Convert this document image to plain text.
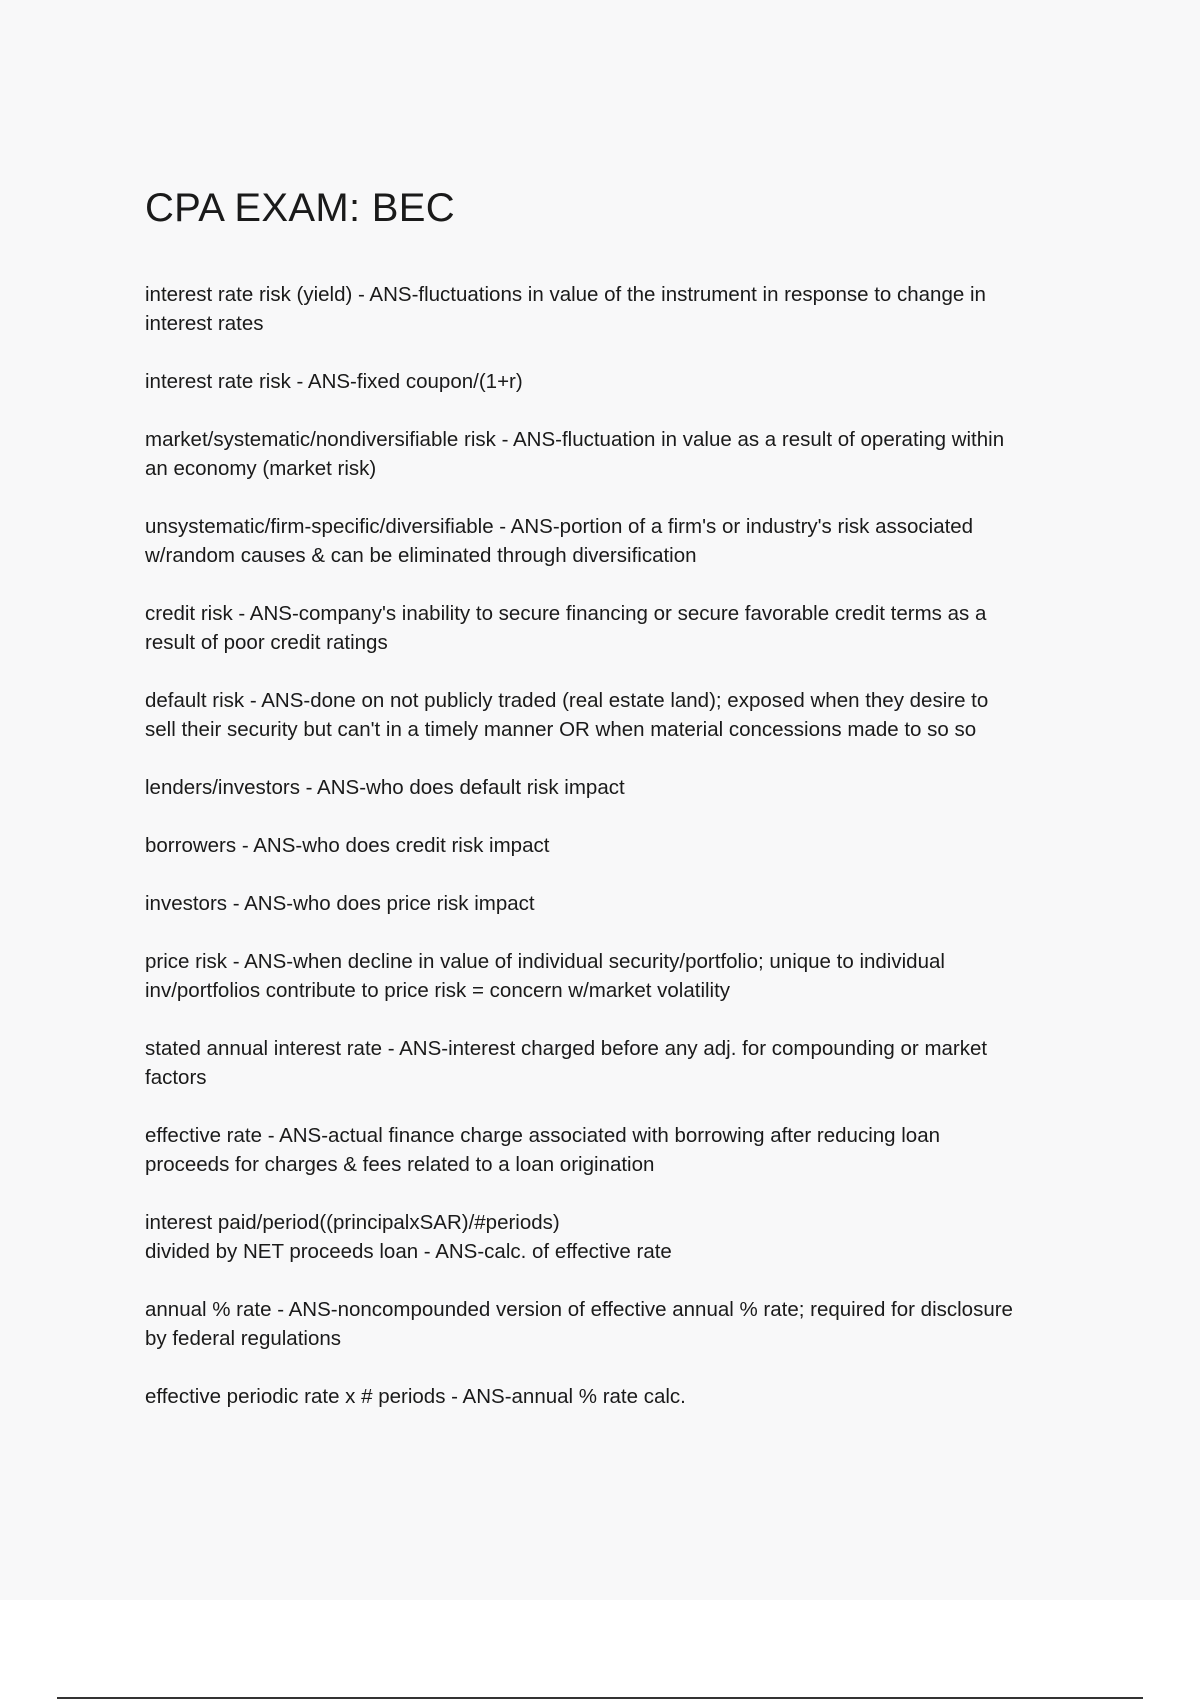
CPA EXAM: BEC
interest rate risk (yield) - ANS-fluctuations in value of the instrument in response to change in
interest rates
interest rate risk - ANS-fixed coupon/(1+r)
market/systematic/nondiversifiable risk - ANS-fluctuation in value as a result of operating within
an economy (market risk)
unsystematic/firm-specific/diversifiable - ANS-portion of a firm's or industry's risk associated
w/random causes & can be eliminated through diversification
credit risk - ANS-company's inability to secure financing or secure favorable credit terms as a
result of poor credit ratings
default risk - ANS-done on not publicly traded (real estate land); exposed when they desire to
sell their security but can't in a timely manner OR when material concessions made to so so
lenders/investors - ANS-who does default risk impact
borrowers - ANS-who does credit risk impact
investors - ANS-who does price risk impact
price risk - ANS-when decline in value of individual security/portfolio; unique to individual
inv/portfolios contribute to price risk = concern w/market volatility
stated annual interest rate - ANS-interest charged before any adj. for compounding or market
factors
effective rate - ANS-actual finance charge associated with borrowing after reducing loan
proceeds for charges & fees related to a loan origination
interest paid/period((principalxSAR)/#periods)
divided by NET proceeds loan - ANS-calc. of effective rate
annual % rate - ANS-noncompounded version of effective annual % rate; required for disclosure
by federal regulations
effective periodic rate x # periods - ANS-annual % rate calc.
